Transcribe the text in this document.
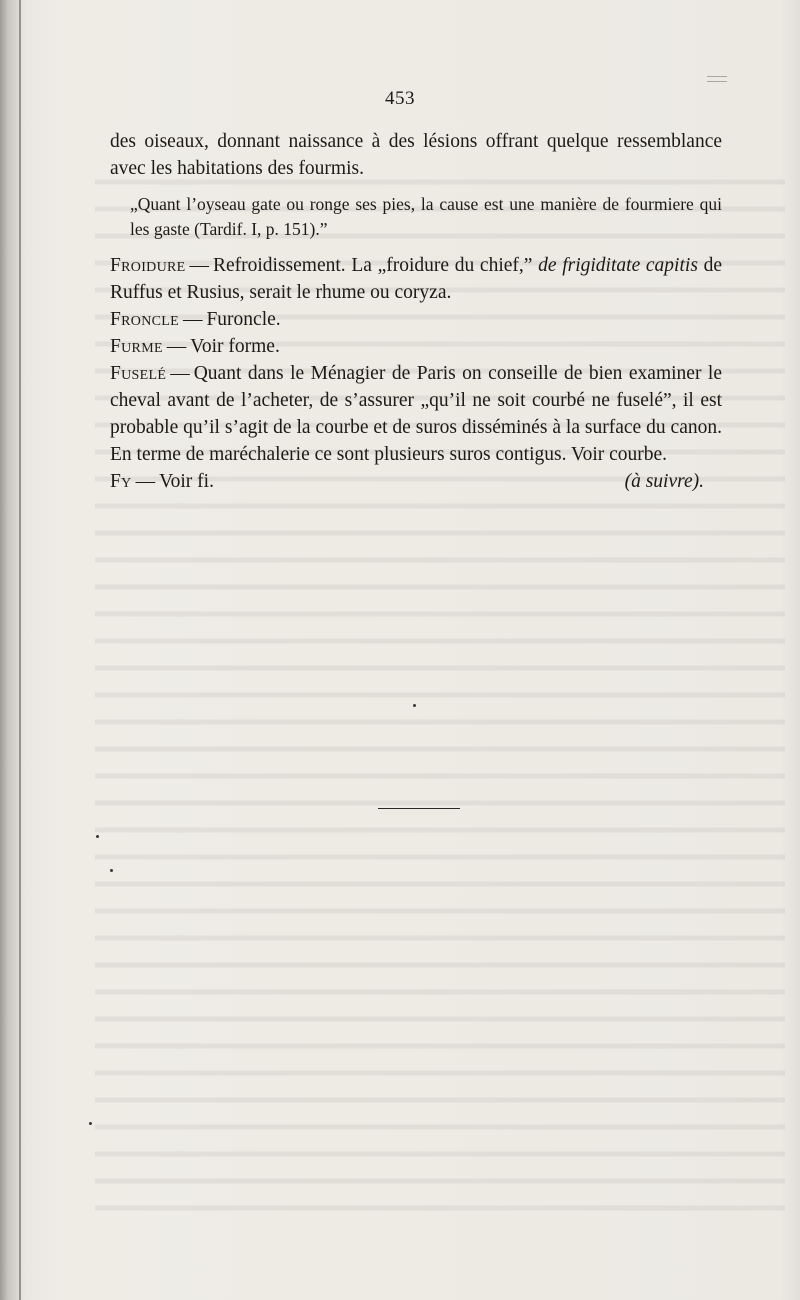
453

des oiseaux, donnant naissance à des lésions offrant quelque ressemblance avec les habitations des fourmis.

„Quant l’oyseau gate ou ronge ses pies, la cause est une manière de fourmiere qui les gaste (Tardif. I, p. 151).”

Froidure — Refroidissement. La „froidure du chief,” de frigiditate capitis de Ruffus et Rusius, serait le rhume ou coryza.

Froncle — Furoncle.

Furme — Voir forme.

Fuselé — Quant dans le Ménagier de Paris on conseille de bien examiner le cheval avant de l’acheter, de s’assurer „qu’il ne soit courbé ne fuselé”, il est probable qu’il s’agit de la courbe et de suros disséminés à la surface du canon. En terme de maréchalerie ce sont plusieurs suros contigus. Voir courbe.

Fy — Voir fi.	(à suivre).
